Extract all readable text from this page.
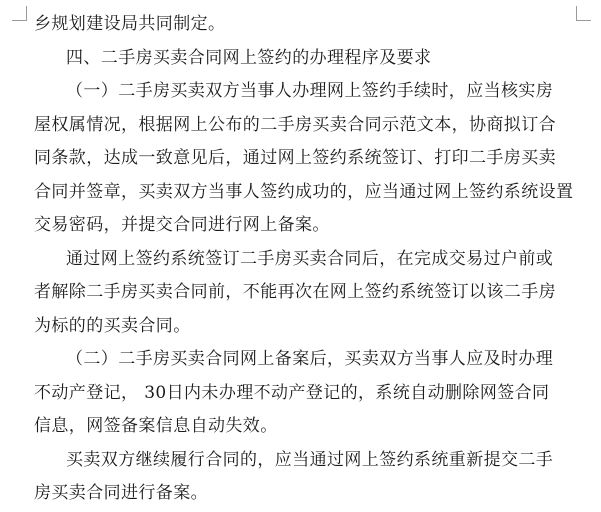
乡规划建设局共同制定。
四、二手房买卖合同网上签约的办理程序及要求
（一）二手房买卖双方当事人办理网上签约手续时，应当核实房
屋权属情况，根据网上公布的二手房买卖合同示范文本，协商拟订合
同条款，达成一致意见后，通过网上签约系统签订、打印二手房买卖
合同并签章，买卖双方当事人签约成功的，应当通过网上签约系统设置
交易密码，并提交合同进行网上备案。
通过网上签约系统签订二手房买卖合同后，在完成交易过户前或
者解除二手房买卖合同前，不能再次在网上签约系统签订以该二手房
为标的的买卖合同。
（二）二手房买卖合同网上备案后，买卖双方当事人应及时办理
不动产登记， 30日内未办理不动产登记的，系统自动删除网签合同
信息，网签备案信息自动失效。
买卖双方继续履行合同的，应当通过网上签约系统重新提交二手
房买卖合同进行备案。
